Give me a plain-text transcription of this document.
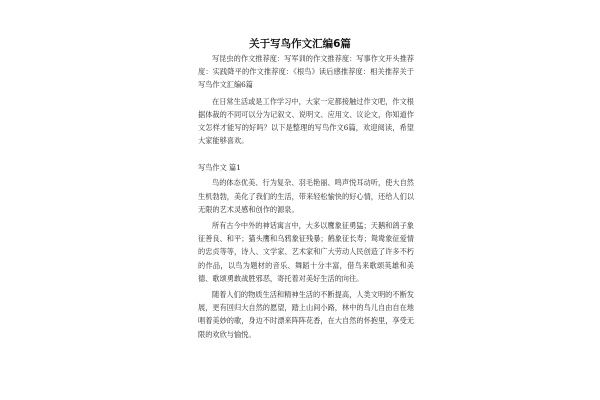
关于写鸟作文汇编6篇

写昆虫的作文推荐度：写军训的作文推荐度：写事作文开头推荐度：实践降平的作文推荐度：《根鸟》读后感推荐度：相关推荐关于写鸟作文汇编6篇

在日常生活或是工作学习中，大家一定都接触过作文吧，作文根据体裁的不同可以分为记叙文、说明文、应用文、议论文，你知道作文怎样才能写的好吗？以下是整理的写鸟作文6篇，欢迎阅读，希望大家能够喜欢。

写鸟作文 篇1

鸟的体态优美、行为复杂、羽毛艳丽、鸣声悦耳动听，使大自然生机勃勃，美化了我们的生活，带来轻松愉快的好心情，还给人们以无限的艺术灵感和创作的源泉。

所有古今中外的神话寓言中，大多以鹰象征勇猛；天鹅和鸽子象征善良、和平；猫头鹰和乌鸦象征残暴；鹤象征长寿；鸳鸯象征爱情的忠贞等等，诗人、文学家、艺术家和广大劳动人民创造了许多不朽的作品，以鸟为题材的音乐、舞蹈十分丰富，借鸟来歌颂英雄和美德、歌颂勇敢战胜邪恶，寄托着对美好生活的向往。

随着人们的物质生活和精神生活的不断提高，人类文明的不断发展，更有回归大自然的愿望，踏上山间小路，林中的鸟儿自由自在地唱着美妙的歌，身边不时漂来阵阵花香，在大自然的怀抱里，享受无限的欢欣与愉悦。
